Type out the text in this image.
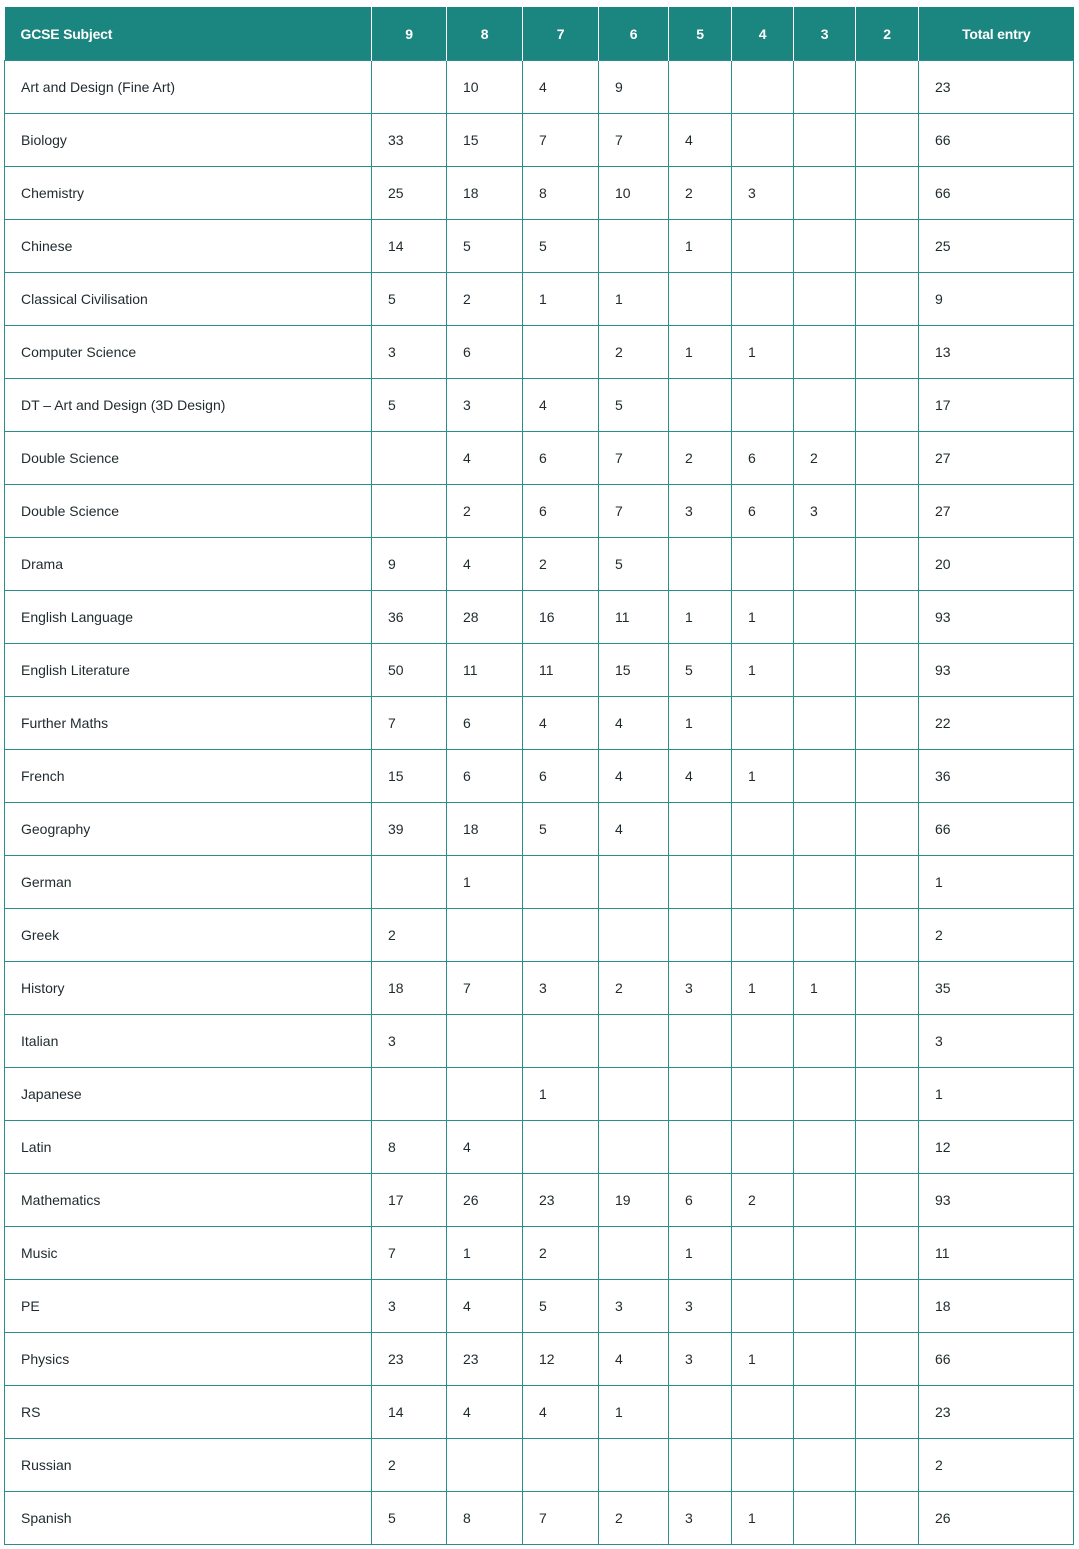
GCSE Subject	9	8	7	6	5	4	3	2	Total entry
Art and Design (Fine Art)		10	4	9					23
Biology	33	15	7	7	4				66
Chemistry	25	18	8	10	2	3			66
Chinese	14	5	5		1				25
Classical Civilisation	5	2	1	1					9
Computer Science	3	6		2	1	1			13
DT – Art and Design (3D Design)	5	3	4	5					17
Double Science		4	6	7	2	6	2		27
Double Science		2	6	7	3	6	3		27
Drama	9	4	2	5					20
English Language	36	28	16	11	1	1			93
English Literature	50	11	11	15	5	1			93
Further Maths	7	6	4	4	1				22
French	15	6	6	4	4	1			36
Geography	39	18	5	4					66
German		1							1
Greek	2								2
History	18	7	3	2	3	1	1		35
Italian	3								3
Japanese			1						1
Latin	8	4							12
Mathematics	17	26	23	19	6	2			93
Music	7	1	2		1				11
PE	3	4	5	3	3				18
Physics	23	23	12	4	3	1			66
RS	14	4	4	1					23
Russian	2								2
Spanish	5	8	7	2	3	1			26
